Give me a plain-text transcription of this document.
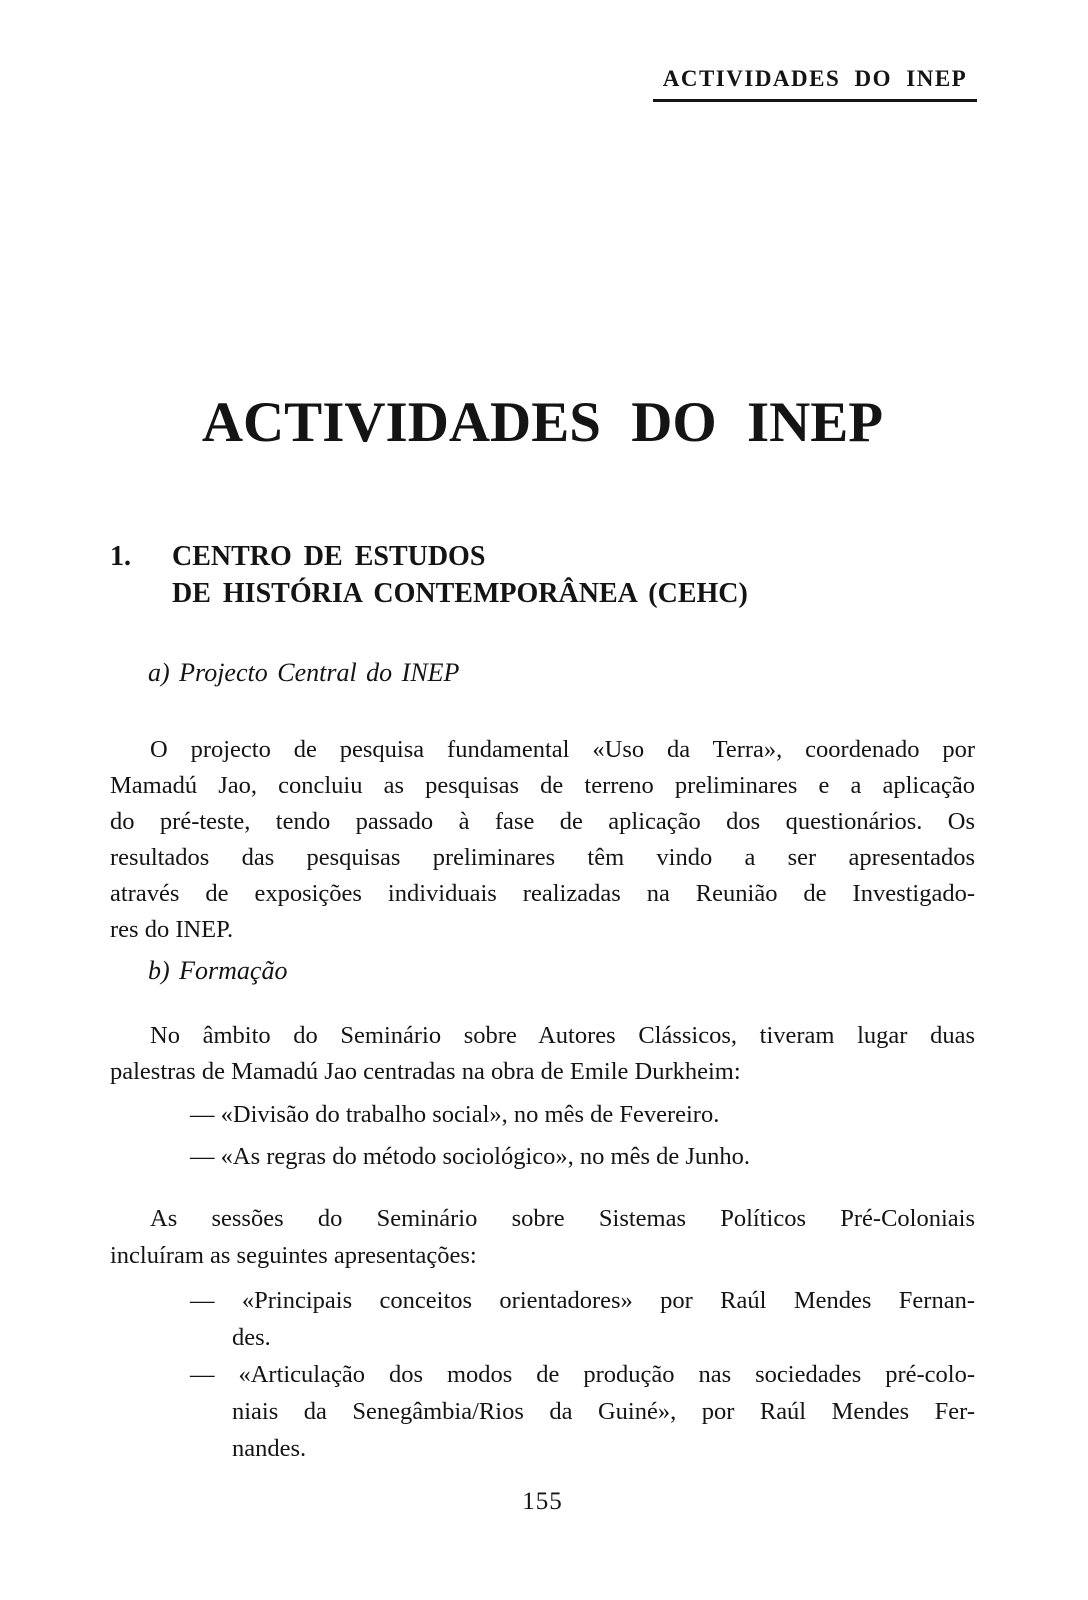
ACTIVIDADES DO INEP
ACTIVIDADES DO INEP
1.	CENTRO DE ESTUDOS
DE HISTÓRIA CONTEMPORÂNEA (CEHC)
a) Projecto Central do INEP
O projecto de pesquisa fundamental «Uso da Terra», coordenado por
Mamadú Jao, concluiu as pesquisas de terreno preliminares e a aplicação
do pré-teste, tendo passado à fase de aplicação dos questionários. Os
resultados das pesquisas preliminares têm vindo a ser apresentados
através de exposições individuais realizadas na Reunião de Investigado-
res do INEP.
b) Formação
No âmbito do Seminário sobre Autores Clássicos, tiveram lugar duas
palestras de Mamadú Jao centradas na obra de Emile Durkheim:
— «Divisão do trabalho social», no mês de Fevereiro.
— «As regras do método sociológico», no mês de Junho.
As sessões do Seminário sobre Sistemas Políticos Pré-Coloniais
incluíram as seguintes apresentações:
— «Principais conceitos orientadores» por Raúl Mendes Fernan-
des.
— «Articulação dos modos de produção nas sociedades pré-colo-
niais da Senegâmbia/Rios da Guiné», por Raúl Mendes Fer-
nandes.
155
